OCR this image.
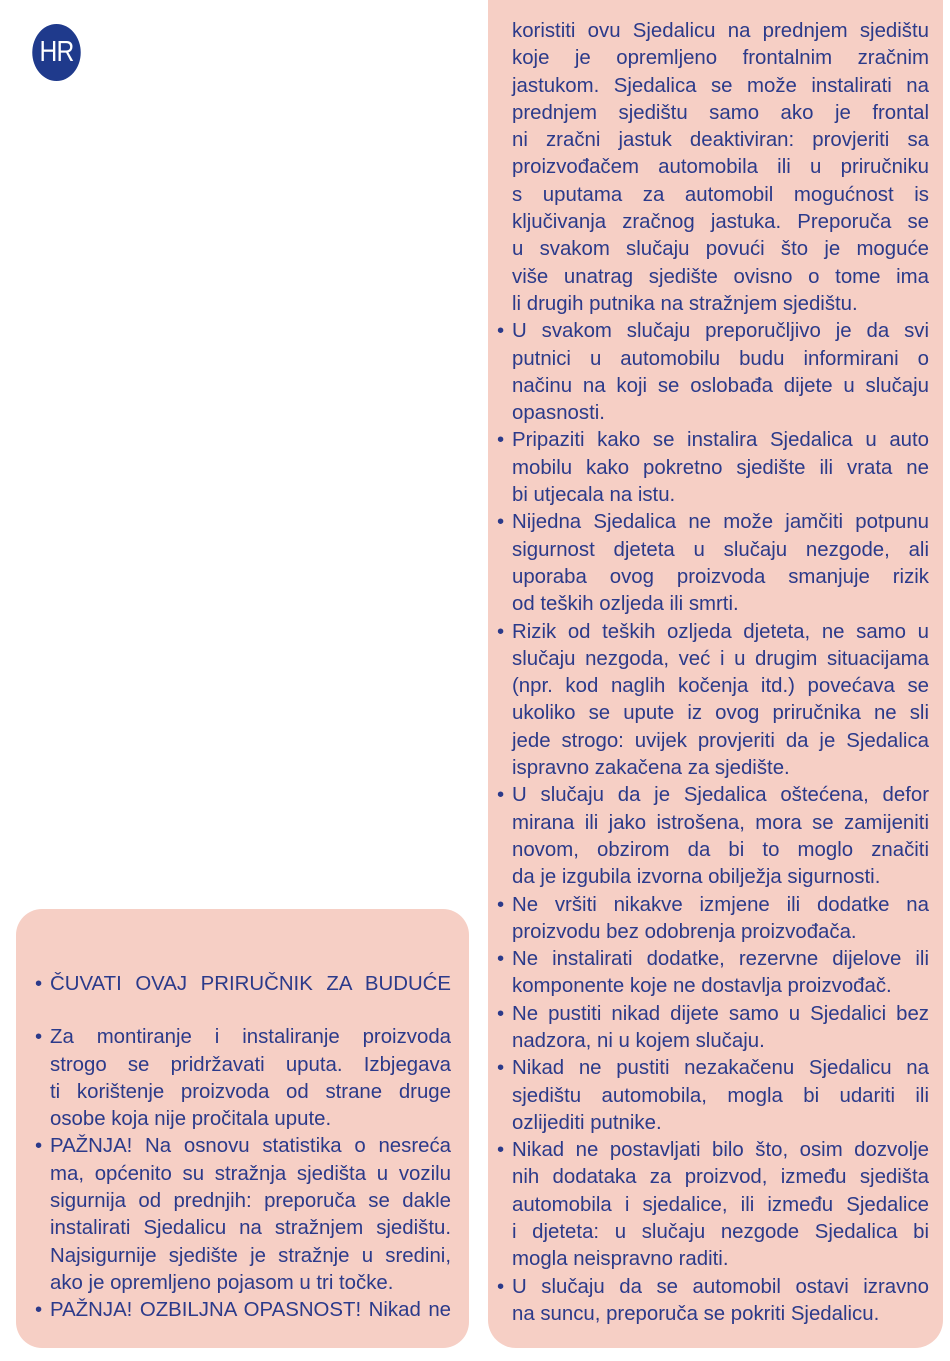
HR
• ČUVATI OVAJ PRIRUČNIK ZA BUDUĆE
• Za montiranje i instaliranje proizvoda
strogo se pridržavati uputa. Izbjegava
ti korištenje proizvoda od strane druge
osobe koja nije pročitala upute.
• PAŽNJA! Na osnovu statistika o nesreća
ma, općenito su stražnja sjedišta u vozilu
sigurnija od prednjih: preporuča se dakle
instalirati Sjedalicu na stražnjem sjedištu.
Najsigurnije sjedište je stražnje u sredini,
ako je opremljeno pojasom u tri točke.
• PAŽNJA! OZBILJNA OPASNOST! Nikad ne
koristiti ovu Sjedalicu na prednjem sjedištu
koje je opremljeno frontalnim zračnim
jastukom. Sjedalica se može instalirati na
prednjem sjedištu samo ako je frontal
ni zračni jastuk deaktiviran: provjeriti sa
proizvođačem automobila ili u priručniku
s uputama za automobil mogućnost is
ključivanja zračnog jastuka. Preporuča se
u svakom slučaju povući što je moguće
više unatrag sjedište ovisno o tome ima
li drugih putnika na stražnjem sjedištu.
• U svakom slučaju preporučljivo je da svi
putnici u automobilu budu informirani o
načinu na koji se oslobađa dijete u slučaju
opasnosti.
• Pripaziti kako se instalira Sjedalica u auto
mobilu kako pokretno sjedište ili vrata ne
bi utjecala na istu.
• Nijedna Sjedalica ne može jamčiti potpunu
sigurnost djeteta u slučaju nezgode, ali
uporaba ovog proizvoda smanjuje rizik
od teških ozljeda ili smrti.
• Rizik od teških ozljeda djeteta, ne samo u
slučaju nezgoda, već i u drugim situacijama
(npr. kod naglih kočenja itd.) povećava se
ukoliko se upute iz ovog priručnika ne sli
jede strogo: uvijek provjeriti da je Sjedalica
ispravno zakačena za sjedište.
• U slučaju da je Sjedalica oštećena, defor
mirana ili jako istrošena, mora se zamijeniti
novom, obzirom da bi to moglo značiti
da je izgubila izvorna obilježja sigurnosti.
• Ne vršiti nikakve izmjene ili dodatke na
proizvodu bez odobrenja proizvođača.
• Ne instalirati dodatke, rezervne dijelove ili
komponente koje ne dostavlja proizvođač.
• Ne pustiti nikad dijete samo u Sjedalici bez
nadzora, ni u kojem slučaju.
• Nikad ne pustiti nezakačenu Sjedalicu na
sjedištu automobila, mogla bi udariti ili
ozlijediti putnike.
• Nikad ne postavljati bilo što, osim dozvolje
nih dodataka za proizvod, između sjedišta
automobila i sjedalice, ili između Sjedalice
i djeteta: u slučaju nezgode Sjedalica bi
mogla neispravno raditi.
• U slučaju da se automobil ostavi izravno
na suncu, preporuča se pokriti Sjedalicu.
